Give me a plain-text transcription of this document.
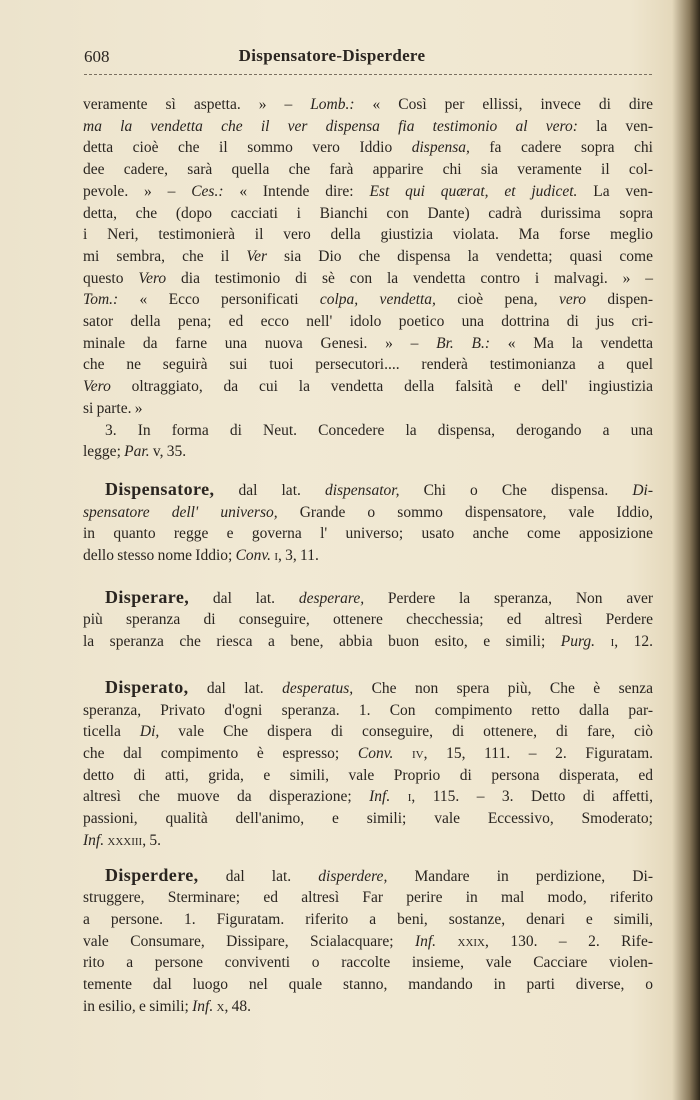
608	Dispensatore-Disperdere
veramente sì aspetta. » – Lomb.: « Così per ellissi, invece di dire
ma la vendetta che il ver dispensa fia testimonio al vero: la ven-
detta cioè che il sommo vero Iddio dispensa, fa cadere sopra chi
dee cadere, sarà quella che farà apparire chi sia veramente il col-
pevole. » – Ces.: « Intende dire: Est qui quærat, et judicet. La ven-
detta, che (dopo cacciati i Bianchi con Dante) cadrà durissima sopra
i Neri, testimonierà il vero della giustizia violata. Ma forse meglio
mi sembra, che il Ver sia Dio che dispensa la vendetta; quasi come
questo Vero dia testimonio di sè con la vendetta contro i malvagi. » –
Tom.: « Ecco personificati colpa, vendetta, cioè pena, vero dispen-
sator della pena; ed ecco nell' idolo poetico una dottrina di jus cri-
minale da farne una nuova Genesi. » – Br. B.: « Ma la vendetta
che ne seguirà sui tuoi persecutori.... renderà testimonianza a quel
Vero oltraggiato, da cui la vendetta della falsità e dell' ingiustizia
si parte. »
3. In forma di Neut. Concedere la dispensa, derogando a una
legge; Par. v, 35.
Dispensatore, dal lat. dispensator, Chi o Che dispensa. Di-
spensatore dell' universo, Grande o sommo dispensatore, vale Iddio,
in quanto regge e governa l' universo; usato anche come apposizione
dello stesso nome Iddio; Conv. i, 3, 11.
Disperare, dal lat. desperare, Perdere la speranza, Non aver
più speranza di conseguire, ottenere checchessia; ed altresì Perdere
la speranza che riesca a bene, abbia buon esito, e simili; Purg. i, 12.
Disperato, dal lat. desperatus, Che non spera più, Che è senza
speranza, Privato d'ogni speranza. 1. Con compimento retto dalla par-
ticella Di, vale Che dispera di conseguire, di ottenere, di fare, ciò
che dal compimento è espresso; Conv. iv, 15, 111. – 2. Figuratam.
detto di atti, grida, e simili, vale Proprio di persona disperata, ed
altresì che muove da disperazione; Inf. i, 115. – 3. Detto di affetti,
passioni, qualità dell'animo, e simili; vale Eccessivo, Smoderato;
Inf. xxxiii, 5.
Disperdere, dal lat. disperdere, Mandare in perdizione, Di-
struggere, Sterminare; ed altresì Far perire in mal modo, riferito
a persone. 1. Figuratam. riferito a beni, sostanze, denari e simili,
vale Consumare, Dissipare, Scialacquare; Inf. xxix, 130. – 2. Rife-
rito a persone conviventi o raccolte insieme, vale Cacciare violen-
temente dal luogo nel quale stanno, mandando in parti diverse, o
in esilio, e simili; Inf. x, 48.
